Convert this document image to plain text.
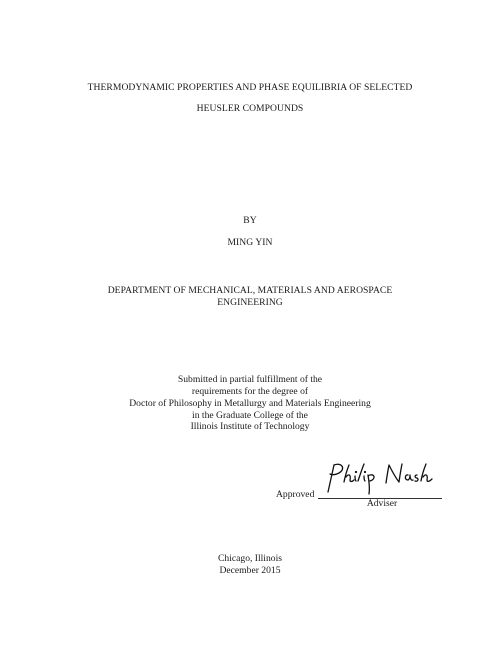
THERMODYNAMIC PROPERTIES AND PHASE EQUILIBRIA OF SELECTED
HEUSLER COMPOUNDS
BY
MING YIN
DEPARTMENT OF MECHANICAL, MATERIALS AND AEROSPACE
ENGINEERING
Submitted in partial fulfillment of the
requirements for the degree of
Doctor of Philosophy in Metallurgy and Materials Engineering
in the Graduate College of the
Illinois Institute of Technology
Approved
Adviser
Chicago, Illinois
December 2015
